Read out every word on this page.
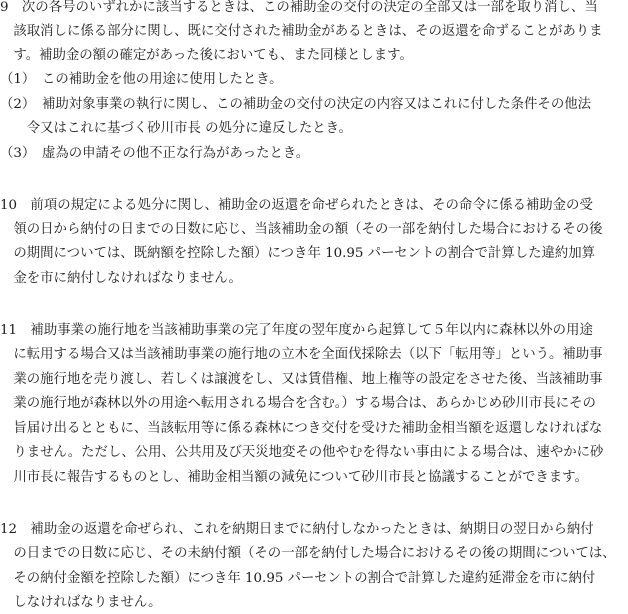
9　次の各号のいずれかに該当するときは、この補助金の交付の決定の全部又は一部を取り消し、当
　該取消しに係る部分に関し、既に交付された補助金があるときは、その返還を命ずることがありま
　す。補助金の額の確定があった後においても、また同様とします。
（1）　この補助金を他の用途に使用したとき。
（2）　補助対象事業の執行に関し、この補助金の交付の決定の内容又はこれに付した条件その他法
　　令又はこれに基づく砂川市長 の処分に違反したとき。
（3）　虚為の申請その他不正な行為があったとき。
10　前項の規定による処分に関し、補助金の返還を命ぜられたときは、その命令に係る補助金の受
　領の日から納付の日までの日数に応じ、当該補助金の額（その一部を納付した場合におけるその後
　の期間については、既納額を控除した額）につき年 10.95 パーセントの割合で計算した違約加算
　金を市に納付しなければなりません。
11　補助事業の施行地を当該補助事業の完了年度の翌年度から起算して５年以内に森林以外の用途
　に転用する場合又は当該補助事業の施行地の立木を全面伐採除去（以下「転用等」という。補助事
　業の施行地を売り渡し、若しくは譲渡をし、又は賃借権、地上権等の設定をさせた後、当該補助事
　業の施行地が森林以外の用途へ転用される場合を含む。）する場合は、あらかじめ砂川市長にその
　旨届け出るとともに、当該転用等に係る森林につき交付を受けた補助金相当額を返還しなければな
　りません。ただし、公用、公共用及び天災地変その他やむを得ない事由による場合は、速やかに砂
　川市長に報告するものとし、補助金相当額の減免について砂川市長と協議することができます。
12　補助金の返還を命ぜられ、これを納期日までに納付しなかったときは、納期日の翌日から納付
　の日までの日数に応じ、その未納付額（その一部を納付した場合におけるその後の期間については、
　その納付金額を控除した額）につき年 10.95 パーセントの割合で計算した違約延滞金を市に納付
　しなければなりません。
